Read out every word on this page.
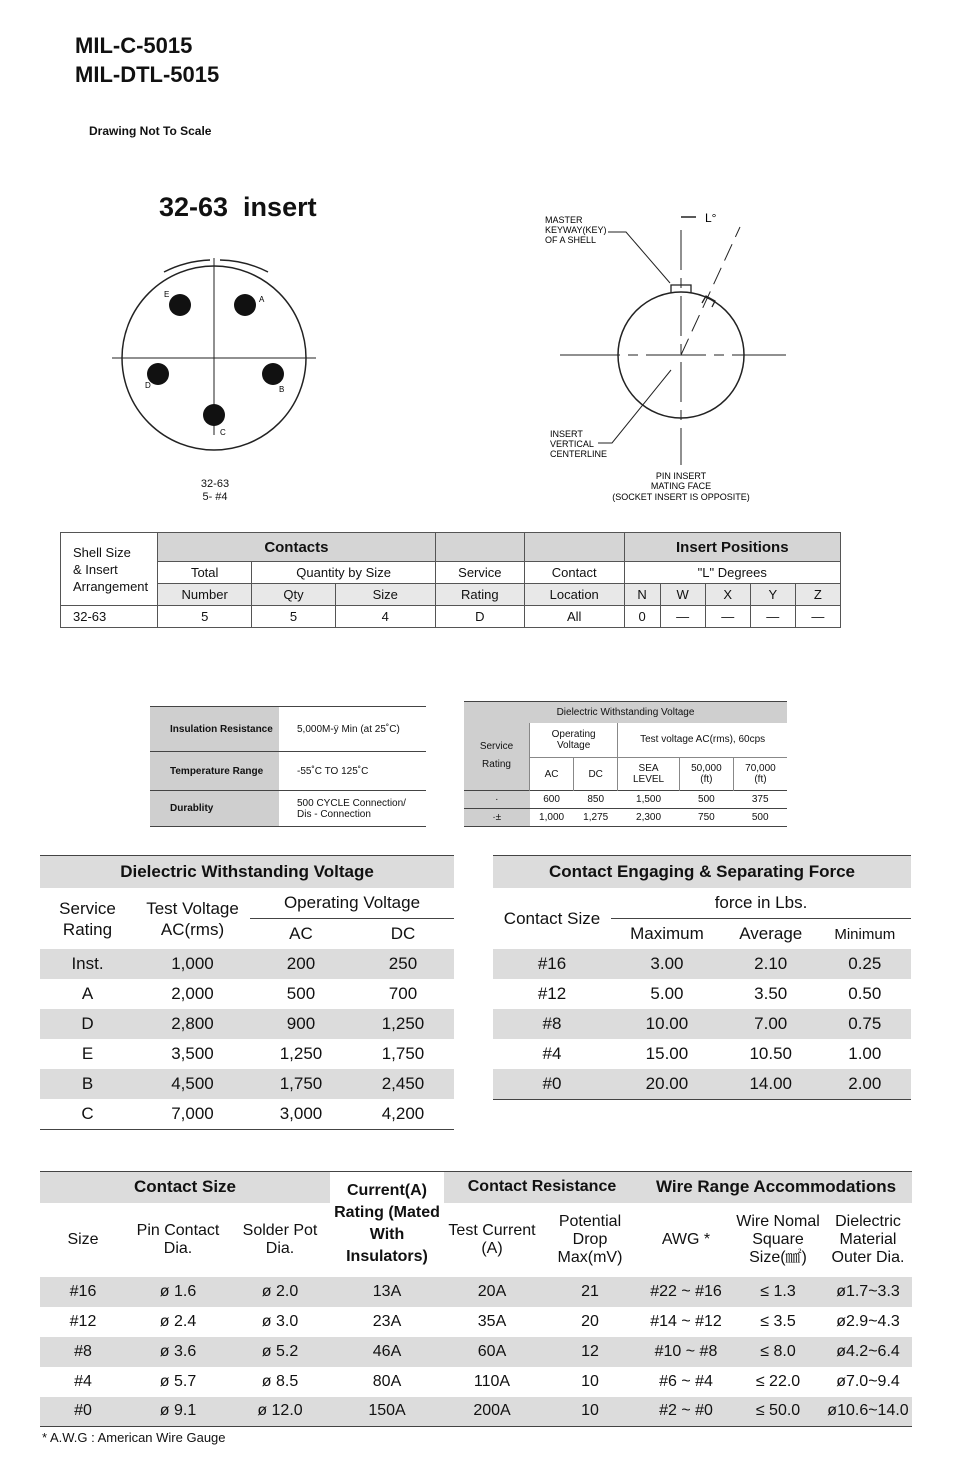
MIL-C-5015
MIL-DTL-5015
Drawing Not To Scale
32-63  insert
E
A
D	B
C
32-63
5- #4
L°
MASTER KEYWAY(KEY) OF A SHELL
INSERT VERTICAL CENTERLINE
PIN INSERT MATING FACE (SOCKET INSERT IS OPPOSITE)
Shell Size
& Insert
Arrangement	Contacts					Insert Positions				
	Total	Quantity by Size		Service	Contact	"L" Degrees				
	Number	Qty	Size	Rating	Location	N	W	X	Y	Z
32-63	5	5	4	D	All	0	—	—	—	—
Insulation Resistance	5,000M-ÿ Min (at 25˚C)
Temperature Range	-55˚C TO 125˚C
Durablity	500 CYCLE Connection/ Dis - Connection
Dielectric Withstanding Voltage					
Service Rating	Operating Voltage		Test voltage AC(rms), 60cps		
	AC	DC	SEA LEVEL	50,000 (ft)	70,000 (ft)
·	600	850	1,500	500	375
·±	1,000	1,275	2,300	750	500
Dielectric Withstanding Voltage			
Service Rating	Test Voltage AC(rms)	Operating Voltage	
		AC	DC
Inst.	1,000	200	250
A	2,000	500	700
D	2,800	900	1,250
E	3,500	1,250	1,750
B	4,500	1,750	2,450
C	7,000	3,000	4,200
Contact Engaging & Separating Force			
Contact Size	force in Lbs.		
	Maximum	Average	Minimum
#16	3.00	2.10	0.25
#12	5.00	3.50	0.50
#8	10.00	7.00	0.75
#4	15.00	10.50	1.00
#0	20.00	14.00	2.00
Contact Size			Current(A) Rating (Mated With Insulators)	Contact Resistance		Wire Range Accommodations		
Size	Pin Contact Dia.	Solder Pot Dia.		Test Current (A)	Potential Drop Max(mV)	AWG *	Wire Nomal Square Size(㎟)	Dielectric Material Outer Dia.
#16	ø 1.6	ø 2.0	13A	20A	21	#22 ~ #16	≤ 1.3	ø1.7~3.3
#12	ø 2.4	ø 3.0	23A	35A	20	#14 ~ #12	≤ 3.5	ø2.9~4.3
#8	ø 3.6	ø 5.2	46A	60A	12	#10 ~ #8	≤ 8.0	ø4.2~6.4
#4	ø 5.7	ø 8.5	80A	110A	10	#6 ~ #4	≤ 22.0	ø7.0~9.4
#0	ø 9.1	ø 12.0	150A	200A	10	#2 ~ #0	≤ 50.0	ø10.6~14.0
* A.W.G : American Wire Gauge
